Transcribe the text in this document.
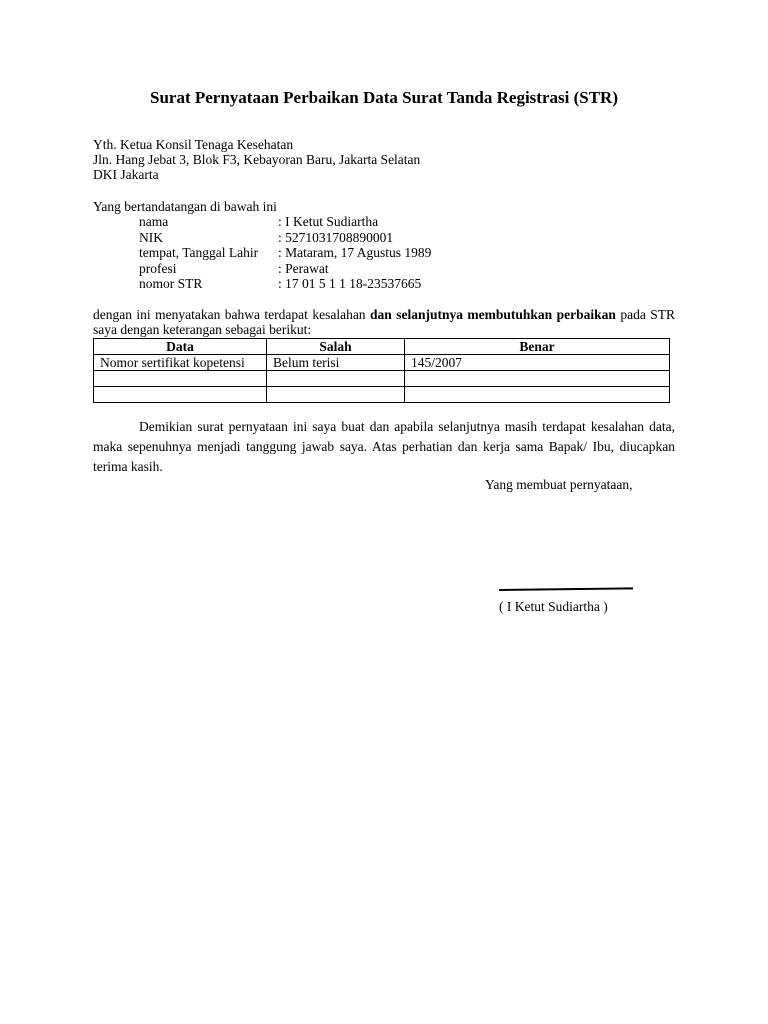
Surat Pernyataan Perbaikan Data Surat Tanda Registrasi (STR)
Yth. Ketua Konsil Tenaga Kesehatan
Jln. Hang Jebat 3, Blok F3, Kebayoran Baru, Jakarta Selatan
DKI Jakarta
Yang bertandatangan di bawah ini
nama	: I Ketut Sudiartha
NIK	: 5271031708890001
tempat, Tanggal Lahir : Mataram, 17 Agustus 1989
profesi	: Perawat
nomor STR	: 17 01 5 1 1 18-23537665
dengan ini menyatakan bahwa terdapat kesalahan dan selanjutnya membutuhkan perbaikan pada STR saya dengan keterangan sebagai berikut:
Data	Salah	Benar
Nomor sertifikat kopetensi	Belum terisi	145/2007

Demikian surat pernyataan ini saya buat dan apabila selanjutnya masih terdapat kesalahan data, maka sepenuhnya menjadi tanggung jawab saya. Atas perhatian dan kerja sama Bapak/ Ibu, diucapkan terima kasih.
Yang membuat pernyataan,
( I Ketut Sudiartha )
